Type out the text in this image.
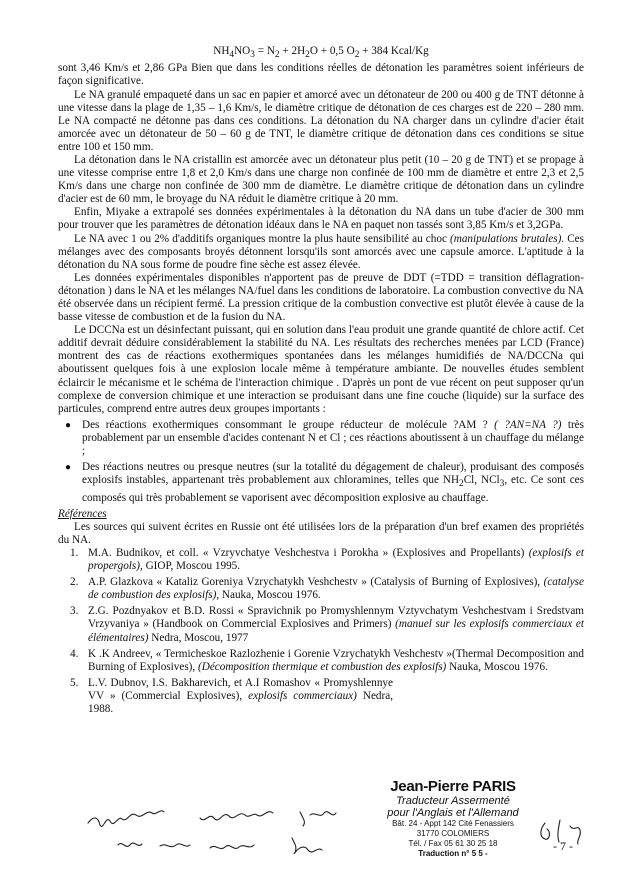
$NH_4NO_3 = N_2 + 2H_2O + 0,5$ $O_2 + 384$ Kcal/Kg

sont 3,46 Km/s et 2,86 GPa Bien que dans les conditions réelles de détonation les paramètres soient inférieurs de façon significative.

Le NA granulé empaqueté dans un sac en papier et amorcé avec un détonateur de 200 ou 400 g de TNT détonne à une vitesse dans la plage de 1,35 – 1,6 Km/s, le diamètre critique de détonation de ces charges est de 220 – 280 mm. Le NA compacté ne détonne pas dans ces conditions. La détonation du NA charger dans un cylindre d'acier était amorcée avec un détonateur de 50 – 60 g de TNT, le diamètre critique de détonation dans ces conditions se situe entre 100 et 150 mm.

La détonation dans le NA cristallin est amorcée avec un détonateur plus petit (10 – 20 g de TNT) et se propage à une vitesse comprise entre 1,8 et 2,0 Km/s dans une charge non confinée de 100 mm de diamètre et entre 2,3 et 2,5 Km/s dans une charge non confinée de 300 mm de diamètre. Le diamètre critique de détonation dans un cylindre d'acier est de 60 mm, le broyage du NA réduit le diamètre critique à 20 mm.

Enfin, Miyake a extrapolé ses données expérimentales à la détonation du NA dans un tube d'acier de 300 mm pour trouver que les paramètres de détonation idéaux dans le NA en paquet non tassés sont 3,85 Km/s et 3,2GPa.

Le NA avec 1 ou 2% d'additifs organiques montre la plus haute sensibilité au choc (manipulations brutales). Ces mélanges avec des composants broyés détonnent lorsqu'ils sont amorcés avec une capsule amorce. L'aptitude à la détonation du NA sous forme de poudre fine sèche est assez élevée.

Les données expérimentales disponibles n'apportent pas de preuve de DDT (=TDD = transition déflagration-détonation ) dans le NA et les mélanges NA/fuel dans les conditions de laboratoire. La combustion convective du NA été observée dans un récipient fermé. La pression critique de la combustion convective est plutôt élevée à cause de la basse vitesse de combustion et de la fusion du NA.

Le DCCNa est un désinfectant puissant, qui en solution dans l'eau produit une grande quantité de chlore actif. Cet additif devrait déduire considérablement la stabilité du NA. Les résultats des recherches menées par LCD (France) montrent des cas de réactions exothermiques spontanées dans les mélanges humidifiés de NA/DCCNa qui aboutissent quelques fois à une explosion locale même à température ambiante. De nouvelles études semblent éclaircir le mécanisme et le schéma de l'interaction chimique . D'après un pont de vue récent on peut supposer qu'un complexe de conversion chimique et une interaction se produisant dans une fine couche (liquide) sur la surface des particules, comprend entre autres deux groupes importants :

● Des réactions exothermiques consommant le groupe réducteur de molécule ?AM ? ( ?AN=NA ?) très probablement par un ensemble d'acides contenant N et Cl ; ces réactions aboutissent à un chauffage du mélange ;
● Des réactions neutres ou presque neutres (sur la totalité du dégagement de chaleur), produisant des composés explosifs instables, appartenant très probablement aux chloramines, telles que $NH_2Cl$, NCl$_3$, etc. Ce sont ces composés qui très probablement se vaporisent avec décomposition explosive au chauffage.

Références

Les sources qui suivent écrites en Russie ont été utilisées lors de la préparation d'un bref examen des propriétés du NA.

1. M.A. Budnikov, et coll. « Vzryvchatye Veshchestva i Porokha » (Explosives and Propellants) (explosifs et propergols), GIOP, Moscou 1995.
2. A.P. Glazkova « Kataliz Goreniya Vzrychatykh Veshchestv » (Catalysis of Burning of Explosives), (catalyse de combustion des explosifs), Nauka, Moscou 1976.
3. Z.G. Pozdnyakov et B.D. Rossi « Spravichnik po Promyshlennym Vztyvchatym Veshchestvam i Sredstvam Vrzyvaniya » (Handbook on Commercial Explosives and Primers) (manuel sur les explosifs commerciaux et élémentaires) Nedra, Moscou, 1977
4. K .K Andreev, « Termicheskoe Razlozhenie i Gorenie Vzrychatykh Veshchestv »(Thermal Decomposition and Burning of Explosives), (Décomposition thermique et combustion des explosifs) Nauka, Moscou 1976.
5. L.V. Dubnov, I.S. Bakharevich, et A.I Romashov « Promyshlennye VV » (Commercial Explosives), explosifs commerciaux) Nedra, 1988.
Jean-Pierre PARIS
Traducteur Assermenté
pour l'Anglais et l'Allemand
Bât. 24 - Appt 142 Cité Fenassiers
31770 COLOMIERS
Tél. / Fax 05 61 30 25 18
Traduction n° 5 5 -
- 7 -
